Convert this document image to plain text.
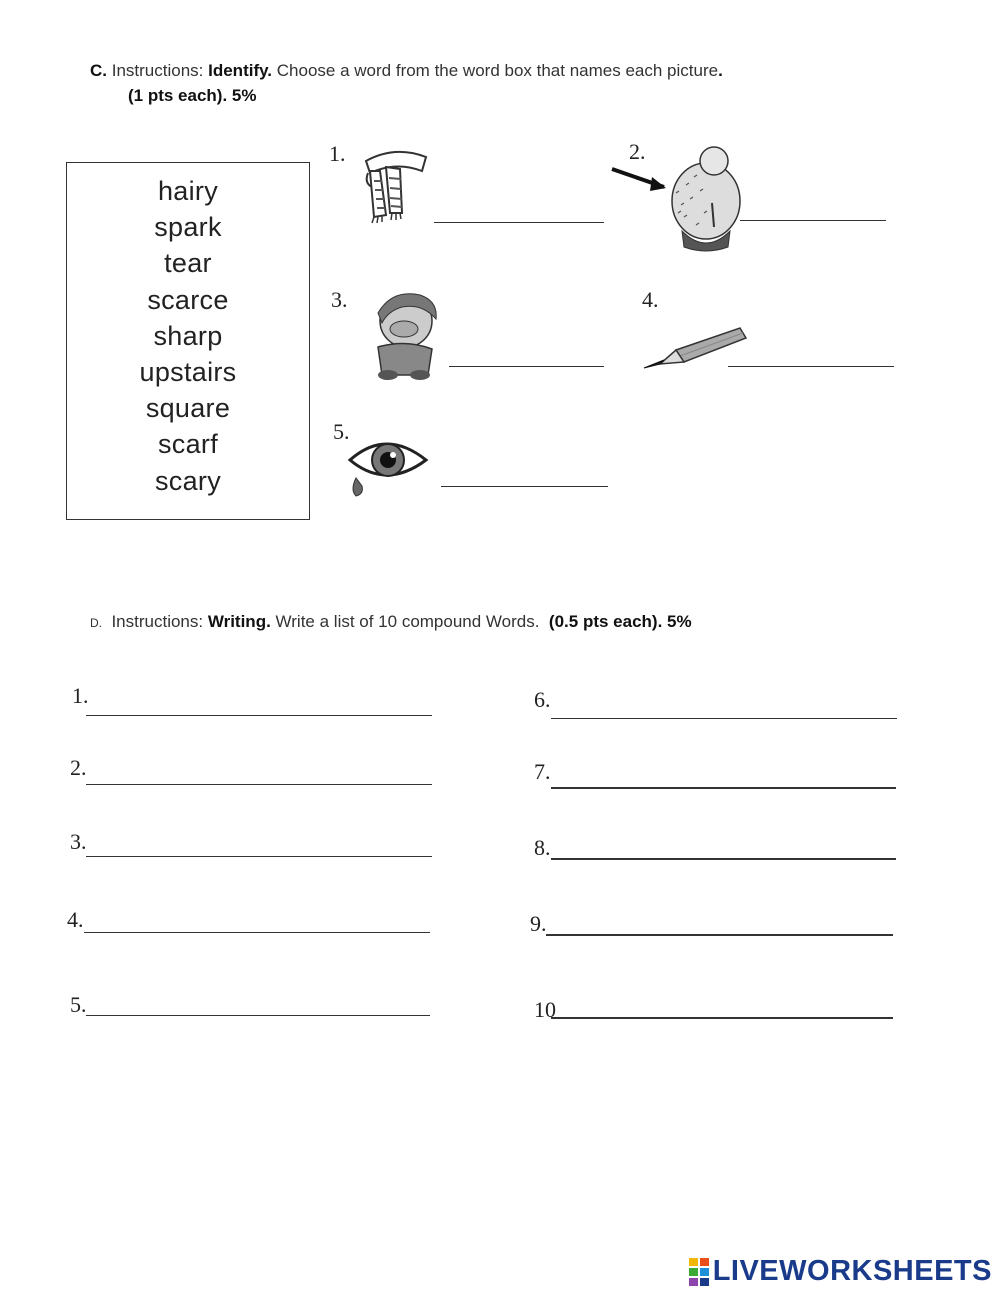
C. Instructions: Identify. Choose a word from the word box that names each picture.
(1 pts each). 5%
hairy
spark
tear
scarce
sharp
upstairs
square
scarf
scary
1.	2.
3.	4.
5.
D. Instructions: Writing. Write a list of 10 compound Words. (0.5 pts each). 5%
1.
2.
3.
4.
5.
6.
7.
8.
9.
10
LIVEWORKSHEETS
